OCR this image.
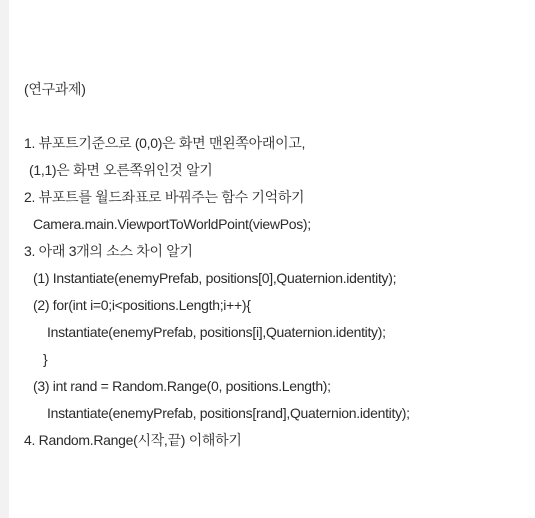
(연구과제)
1. 뷰포트기준으로 (0,0)은 화면 맨왼쪽아래이고,
(1,1)은 화면 오른쪽위인것 알기
2. 뷰포트를 월드좌표로 바꿔주는 함수 기억하기
Camera.main.ViewportToWorldPoint(viewPos);
3. 아래 3개의 소스 차이 알기
(1) Instantiate(enemyPrefab, positions[0],Quaternion.identity);
(2) for(int i=0;i<positions.Length;i++){
Instantiate(enemyPrefab, positions[i],Quaternion.identity);
}
(3) int rand = Random.Range(0, positions.Length);
Instantiate(enemyPrefab, positions[rand],Quaternion.identity);
4. Random.Range(시작,끝) 이해하기
